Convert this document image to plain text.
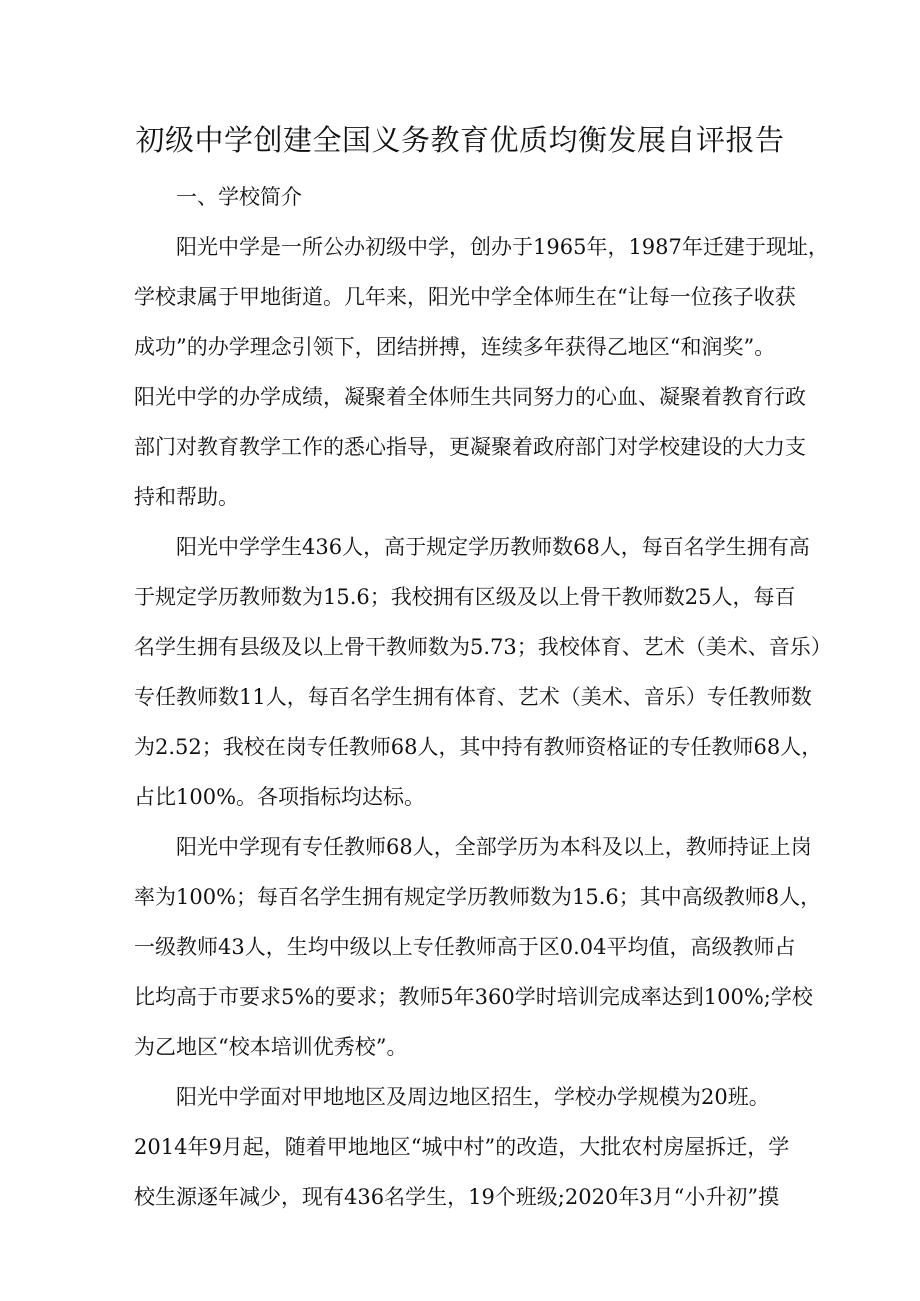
初级中学创建全国义务教育优质均衡发展自评报告

一、学校简介

阳光中学是一所公办初级中学，创办于1965年，1987年迁建于现址，
学校隶属于甲地街道。几年来，阳光中学全体师生在“让每一位孩子收获
成功”的办学理念引领下，团结拼搏，连续多年获得乙地区“和润奖”。
阳光中学的办学成绩，凝聚着全体师生共同努力的心血、凝聚着教育行政
部门对教育教学工作的悉心指导，更凝聚着政府部门对学校建设的大力支
持和帮助。

阳光中学学生436人，高于规定学历教师数68人，每百名学生拥有高
于规定学历教师数为15.6；我校拥有区级及以上骨干教师数25人，每百
名学生拥有县级及以上骨干教师数为5.73；我校体育、艺术（美术、音乐）
专任教师数11人，每百名学生拥有体育、艺术（美术、音乐）专任教师数
为2.52；我校在岗专任教师68人，其中持有教师资格证的专任教师68人，
占比100%。各项指标均达标。

阳光中学现有专任教师68人，全部学历为本科及以上，教师持证上岗
率为100%；每百名学生拥有规定学历教师数为15.6；其中高级教师8人，
一级教师43人，生均中级以上专任教师高于区0.04平均值，高级教师占
比均高于市要求5%的要求；教师5年360学时培训完成率达到100%;学校
为乙地区“校本培训优秀校”。

阳光中学面对甲地地区及周边地区招生，学校办学规模为20班。
2014年9月起，随着甲地地区“城中村”的改造，大批农村房屋拆迁，学
校生源逐年减少，现有436名学生，19个班级;2020年3月“小升初”摸
